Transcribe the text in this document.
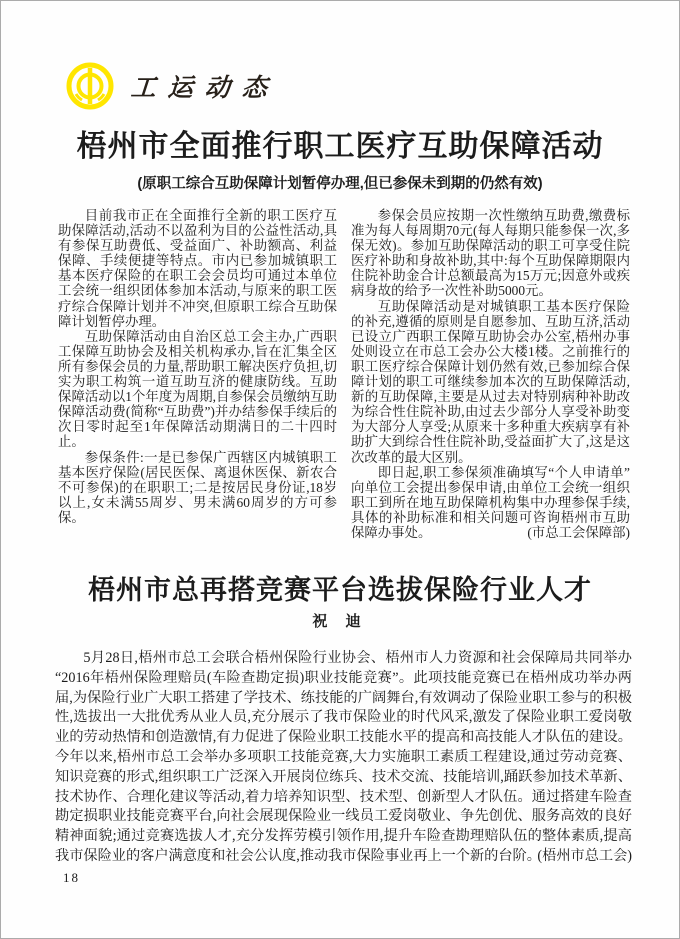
工运动态
梧州市全面推行职工医疗互助保障活动
(原职工综合互助保障计划暂停办理,但已参保未到期的仍然有效)

目前我市正在全面推行全新的职工医疗互助保障活动,活动不以盈利为目的公益性活动,具有参保互助费低、受益面广、补助额高、利益保障、手续便捷等特点。市内已参加城镇职工基本医疗保险的在职工会会员均可通过本单位工会统一组织团体参加本活动,与原来的职工医疗综合保障计划并不冲突,但原职工综合互助保障计划暂停办理。

互助保障活动由自治区总工会主办,广西职工保障互助协会及相关机构承办,旨在汇集全区所有参保会员的力量,帮助职工解决医疗负担,切实为职工构筑一道互助互济的健康防线。互助保障活动以1个年度为周期,自参保会员缴纳互助保障活动费(简称“互助费”)并办结参保手续后的次日零时起至1年保障活动期满日的二十四时止。

参保条件:一是已参保广西辖区内城镇职工基本医疗保险(居民医保、离退休医保、新农合不可参保)的在职职工;二是按居民身份证,18岁以上,女未满55周岁、男未满60周岁的方可参保。

参保会员应按期一次性缴纳互助费,缴费标准为每人每周期70元(每人每期只能参保一次,多保无效)。参加互助保障活动的职工可享受住院医疗补助和身故补助,其中:每个互助保障期限内住院补助金合计总额最高为15万元;因意外或疾病身故的给予一次性补助5000元。

互助保障活动是对城镇职工基本医疗保险的补充,遵循的原则是自愿参加、互助互济,活动已设立广西职工保障互助协会办公室,梧州办事处则设立在市总工会办公大楼1楼。之前推行的职工医疗综合保障计划仍然有效,已参加综合保障计划的职工可继续参加本次的互助保障活动,新的互助保障,主要是从过去对特别病种补助改为综合性住院补助,由过去少部分人享受补助变为大部分人享受;从原来十多种重大疾病享有补助扩大到综合性住院补助,受益面扩大了,这是这次改革的最大区别。

即日起,职工参保须准确填写“个人申请单”向单位工会提出参保申请,由单位工会统一组织职工到所在地互助保障机构集中办理参保手续,具体的补助标准和相关问题可咨询梧州市互助保障办事处。	(市总工会保障部)
梧州市总再搭竞赛平台选拔保险行业人才
祝 迪

5月28日,梧州市总工会联合梧州保险行业协会、梧州市人力资源和社会保障局共同举办“2016年梧州保险理赔员(车险查勘定损)职业技能竞赛”。此项技能竞赛已在梧州成功举办两届,为保险行业广大职工搭建了学技术、练技能的广阔舞台,有效调动了保险业职工参与的积极性,选拔出一大批优秀从业人员,充分展示了我市保险业的时代风采,激发了保险业职工爱岗敬业的劳动热情和创造激情,有力促进了保险业职工技能水平的提高和高技能人才队伍的建设。今年以来,梧州市总工会举办多项职工技能竞赛,大力实施职工素质工程建设,通过劳动竞赛、知识竞赛的形式,组织职工广泛深入开展岗位练兵、技术交流、技能培训,踊跃参加技术革新、技术协作、合理化建议等活动,着力培养知识型、技术型、创新型人才队伍。通过搭建车险查勘定损职业技能竞赛平台,向社会展现保险业一线员工爱岗敬业、争先创优、服务高效的良好精神面貌;通过竞赛选拔人才,充分发挥劳模引领作用,提升车险查勘理赔队伍的整体素质,提高我市保险业的客户满意度和社会公认度,推动我市保险事业再上一个新的台阶。

(梧州市总工会)
18
